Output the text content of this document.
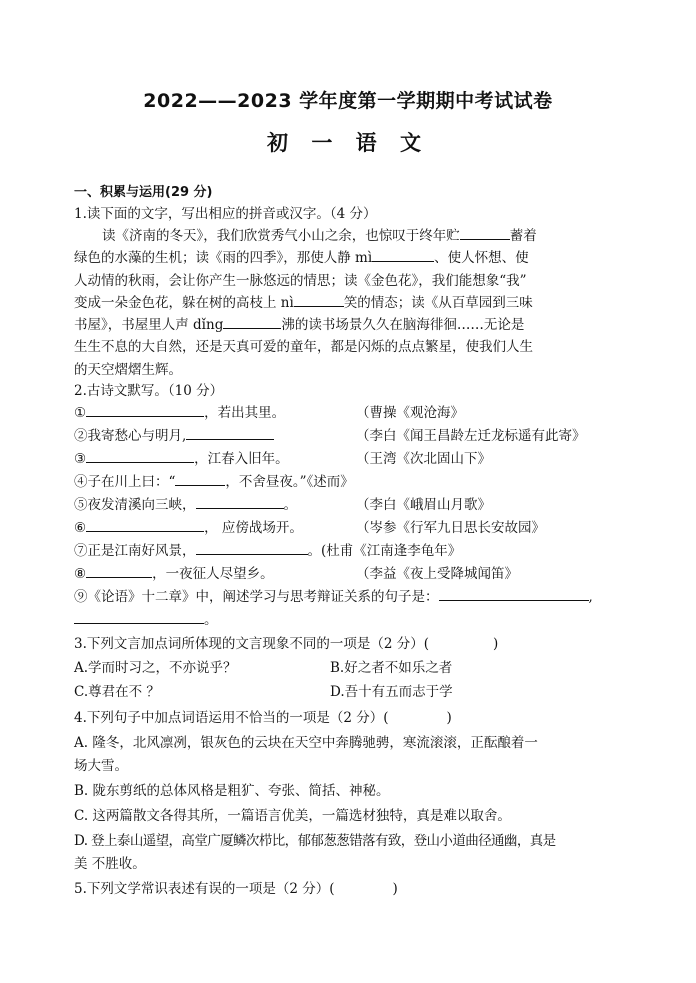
2022——2023 学年度第一学期期中考试试卷
初 一 语 文
一、积累与运用(29 分)
1.读下面的文字，写出相应的拼音或汉字。（4 分）
读《济南的冬天》，我们欣赏秀气小山之余，也惊叹于终年贮	蓄着
绿色的水藻的生机；读《雨的四季》，那使人静 mì	、使人怀想、使
人动情的秋雨，会让你产生一脉悠远的情思；读《金色花》，我们能想象“我”
变成一朵金色花，躲在树的高枝上 nì	笑的情态；读《从百草园到三味
书屋》，书屋里人声 dǐng	沸的读书场景久久在脑海徘徊……无论是
生生不息的大自然，还是天真可爱的童年，都是闪烁的点点繁星，使我们人生
的天空熠熠生辉。
2.古诗文默写。（10 分）
①	，若出其里。	（曹操《观沧海》
②我寄愁心与明月,	（李白《闻王昌龄左迁龙标遥有此寄》
③	，江春入旧年。	（王湾《次北固山下》
④子在川上曰：“	，不舍昼夜。”《述而》
⑤夜发清溪向三峡，	。	（李白《峨眉山月歌》
⑥	， 应傍战场开。	（岑参《行军九日思长安故园》
⑦正是江南好风景，	。(杜甫《江南逢李龟年》
⑧	，一夜征人尽望乡。	（李益《夜上受降城闻笛》
⑨《论语》十二章》中，阐述学习与思考辩证关系的句子是：	,
。
3.下列文言加点词所体现的文言现象不同的一项是（2 分）(	)
A.学而时习之，不亦说乎？	B.好之者不如乐之者
C.尊君在不 ？	D.吾十有五而志于学
4.下列句子中加点词语运用不恰当的一项是（2 分）(	)
A. 隆冬，北风凛冽，银灰色的云块在天空中奔腾驰骋，寒流滚滚，正酝酿着一
场大雪。
B. 陇东剪纸的总体风格是粗犷、夸张、简括、神秘。
C. 这两篇散文各得其所，一篇语言优美，一篇选材独特，真是难以取舍。
D. 登上泰山遥望，高堂广厦鳞次栉比，郁郁葱葱错落有致，登山小道曲径通幽，真是
美 不胜收。
5.下列文学常识表述有误的一项是（2 分）(	)
